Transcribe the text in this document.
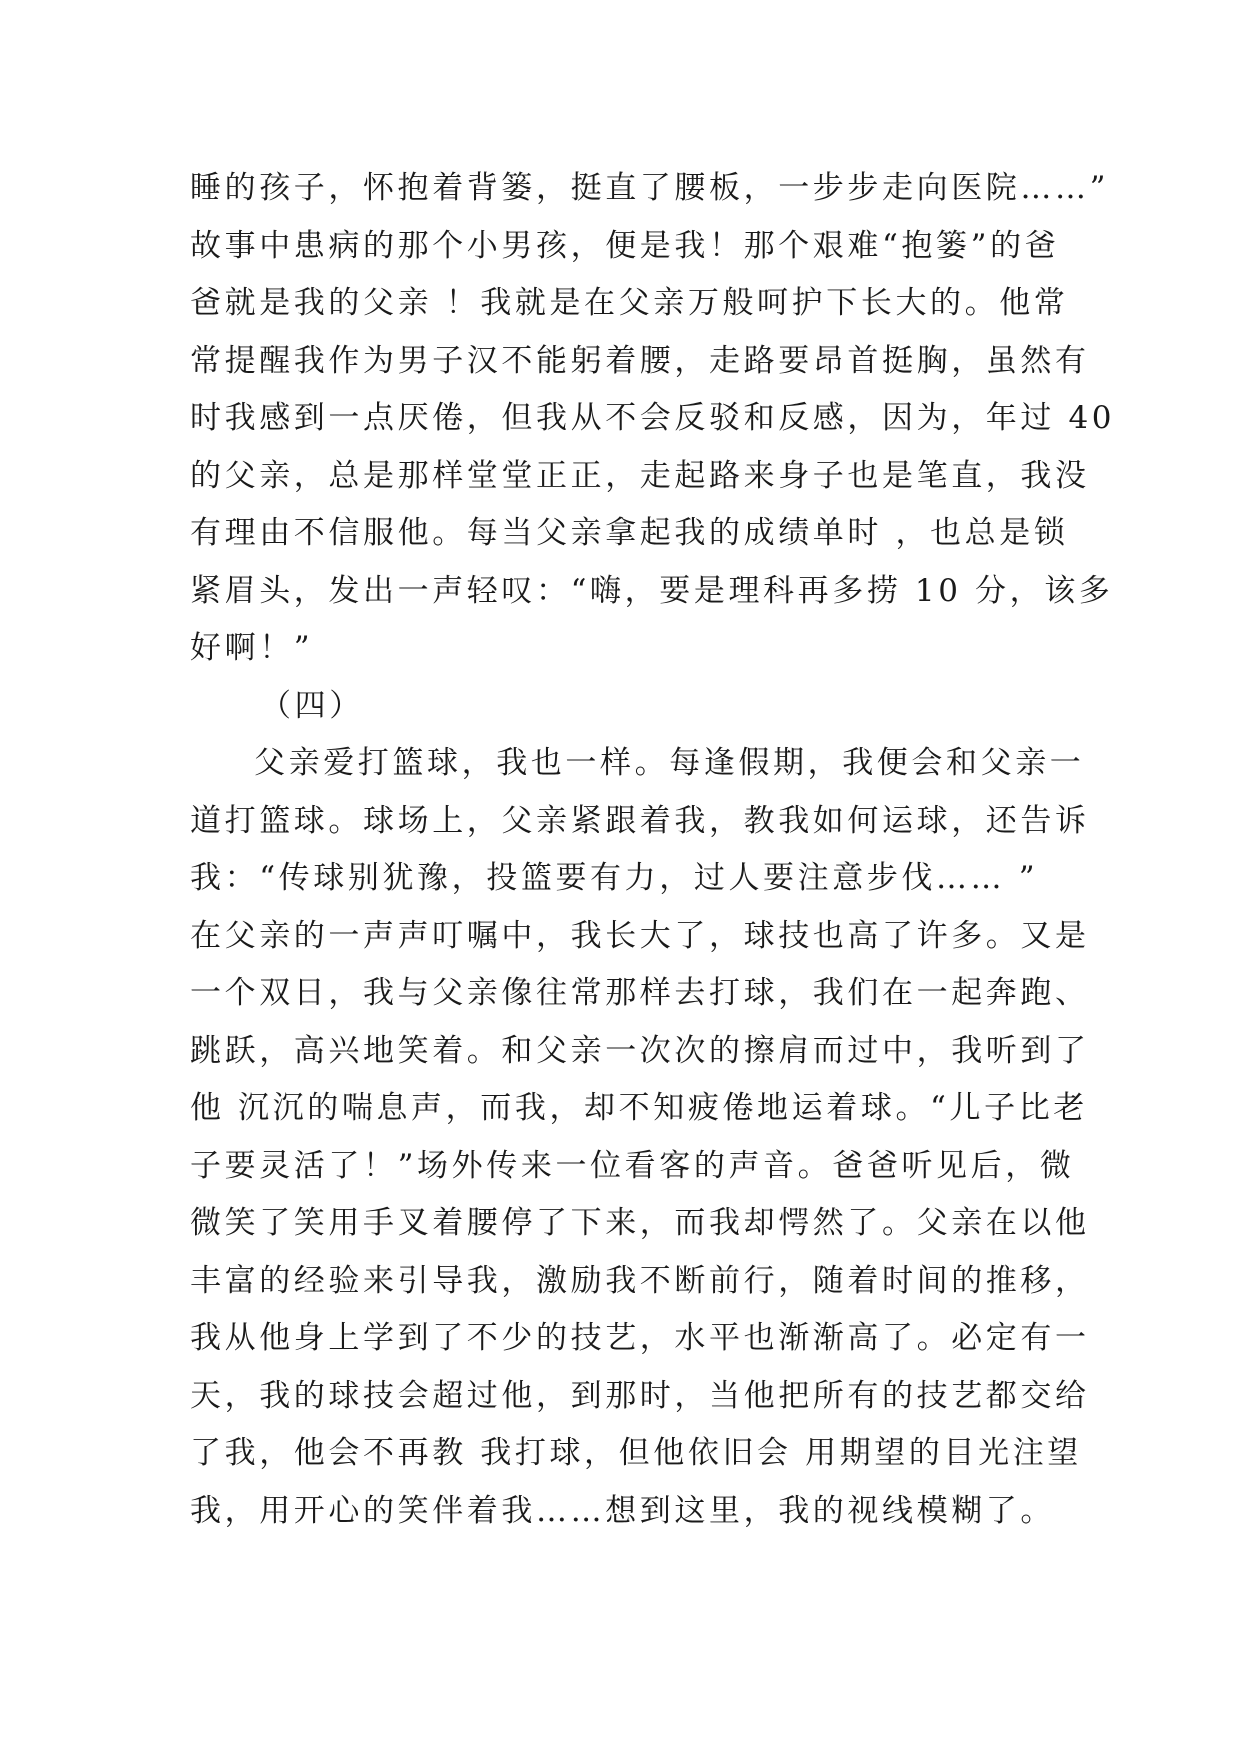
睡的孩子，怀抱着背篓，挺直了腰板，一步步走向医院……”
故事中患病的那个小男孩，便是我！那个艰难“抱篓”的爸
爸就是我的父亲 ！我就是在父亲万般呵护下长大的。他常
常提醒我作为男子汉不能躬着腰，走路要昂首挺胸，虽然有
时我感到一点厌倦，但我从不会反驳和反感，因为，年过 40
的父亲，总是那样堂堂正正，走起路来身子也是笔直，我没
有理由不信服他。每当父亲拿起我的成绩单时 ，也总是锁
紧眉头，发出一声轻叹：“嗨，要是理科再多捞 10 分，该多
好啊！”
（四）
父亲爱打篮球，我也一样。每逢假期，我便会和父亲一
道打篮球。球场上，父亲紧跟着我，教我如何运球，还告诉
我：“传球别犹豫，投篮要有力，过人要注意步伐…… ”
在父亲的一声声叮嘱中，我长大了，球技也高了许多。又是
一个双日，我与父亲像往常那样去打球，我们在一起奔跑、
跳跃，高兴地笑着。和父亲一次次的擦肩而过中，我听到了
他 沉沉的喘息声，而我，却不知疲倦地运着球。“儿子比老
子要灵活了！”场外传来一位看客的声音。爸爸听见后，微
微笑了笑用手叉着腰停了下来，而我却愕然了。父亲在以他
丰富的经验来引导我，激励我不断前行，随着时间的推移，
我从他身上学到了不少的技艺，水平也渐渐高了。必定有一
天，我的球技会超过他，到那时，当他把所有的技艺都交给
了我，他会不再教 我打球，但他依旧会 用期望的目光注望
我，用开心的笑伴着我……想到这里，我的视线模糊了。
